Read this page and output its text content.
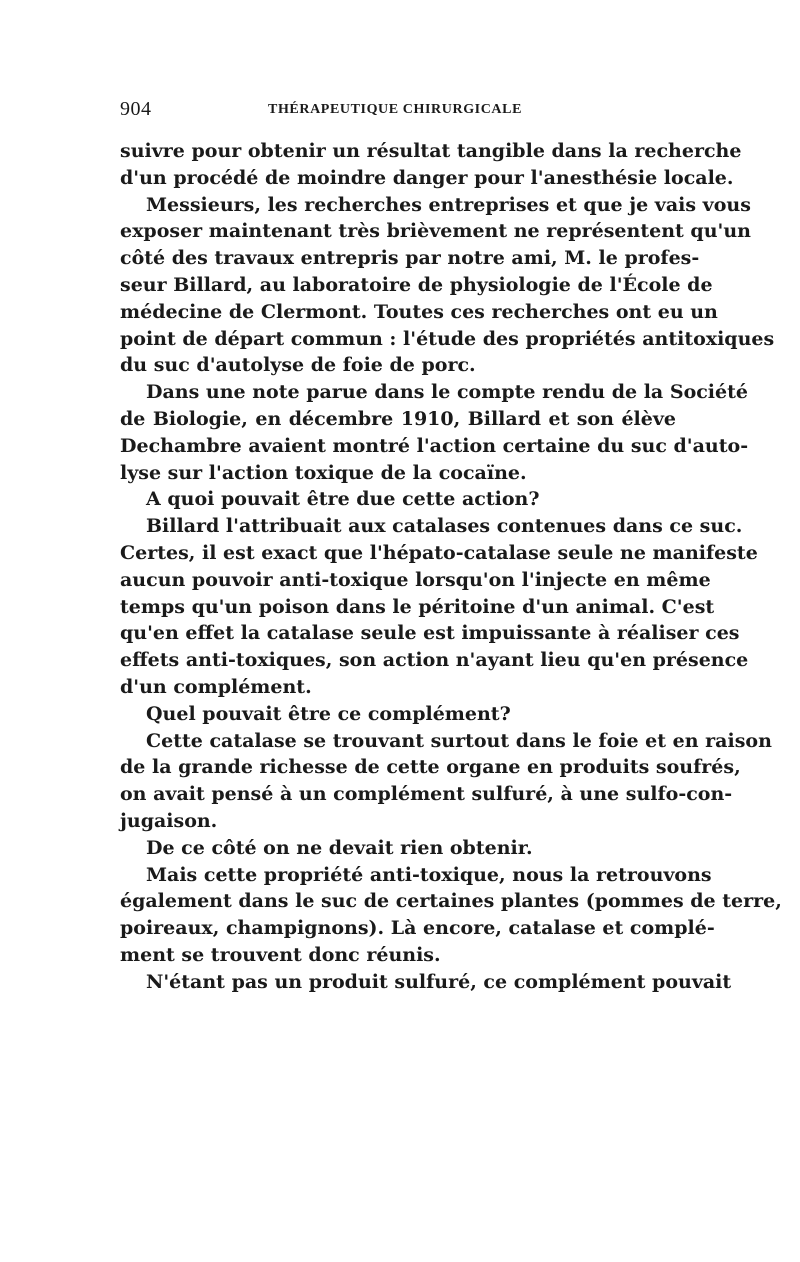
904	THÉRAPEUTIQUE CHIRURGICALE
suivre pour obtenir un résultat tangible dans la recherche
d'un procédé de moindre danger pour l'anesthésie locale.
Messieurs, les recherches entreprises et que je vais vous
exposer maintenant très brièvement ne représentent qu'un
côté des travaux entrepris par notre ami, M. le profes-
seur Billard, au laboratoire de physiologie de l'École de
médecine de Clermont. Toutes ces recherches ont eu un
point de départ commun : l'étude des propriétés antitoxiques
du suc d'autolyse de foie de porc.
Dans une note parue dans le compte rendu de la Société
de Biologie, en décembre 1910, Billard et son élève
Dechambre avaient montré l'action certaine du suc d'auto-
lyse sur l'action toxique de la cocaïne.
A quoi pouvait être due cette action?
Billard l'attribuait aux catalases contenues dans ce suc.
Certes, il est exact que l'hépato-catalase seule ne manifeste
aucun pouvoir anti-toxique lorsqu'on l'injecte en même
temps qu'un poison dans le péritoine d'un animal. C'est
qu'en effet la catalase seule est impuissante à réaliser ces
effets anti-toxiques, son action n'ayant lieu qu'en présence
d'un complément.
Quel pouvait être ce complément?
Cette catalase se trouvant surtout dans le foie et en raison
de la grande richesse de cette organe en produits soufrés,
on avait pensé à un complément sulfuré, à une sulfo-con-
jugaison.
De ce côté on ne devait rien obtenir.
Mais cette propriété anti-toxique, nous la retrouvons
également dans le suc de certaines plantes (pommes de terre,
poireaux, champignons). Là encore, catalase et complé-
ment se trouvent donc réunis.
N'étant pas un produit sulfuré, ce complément pouvait
